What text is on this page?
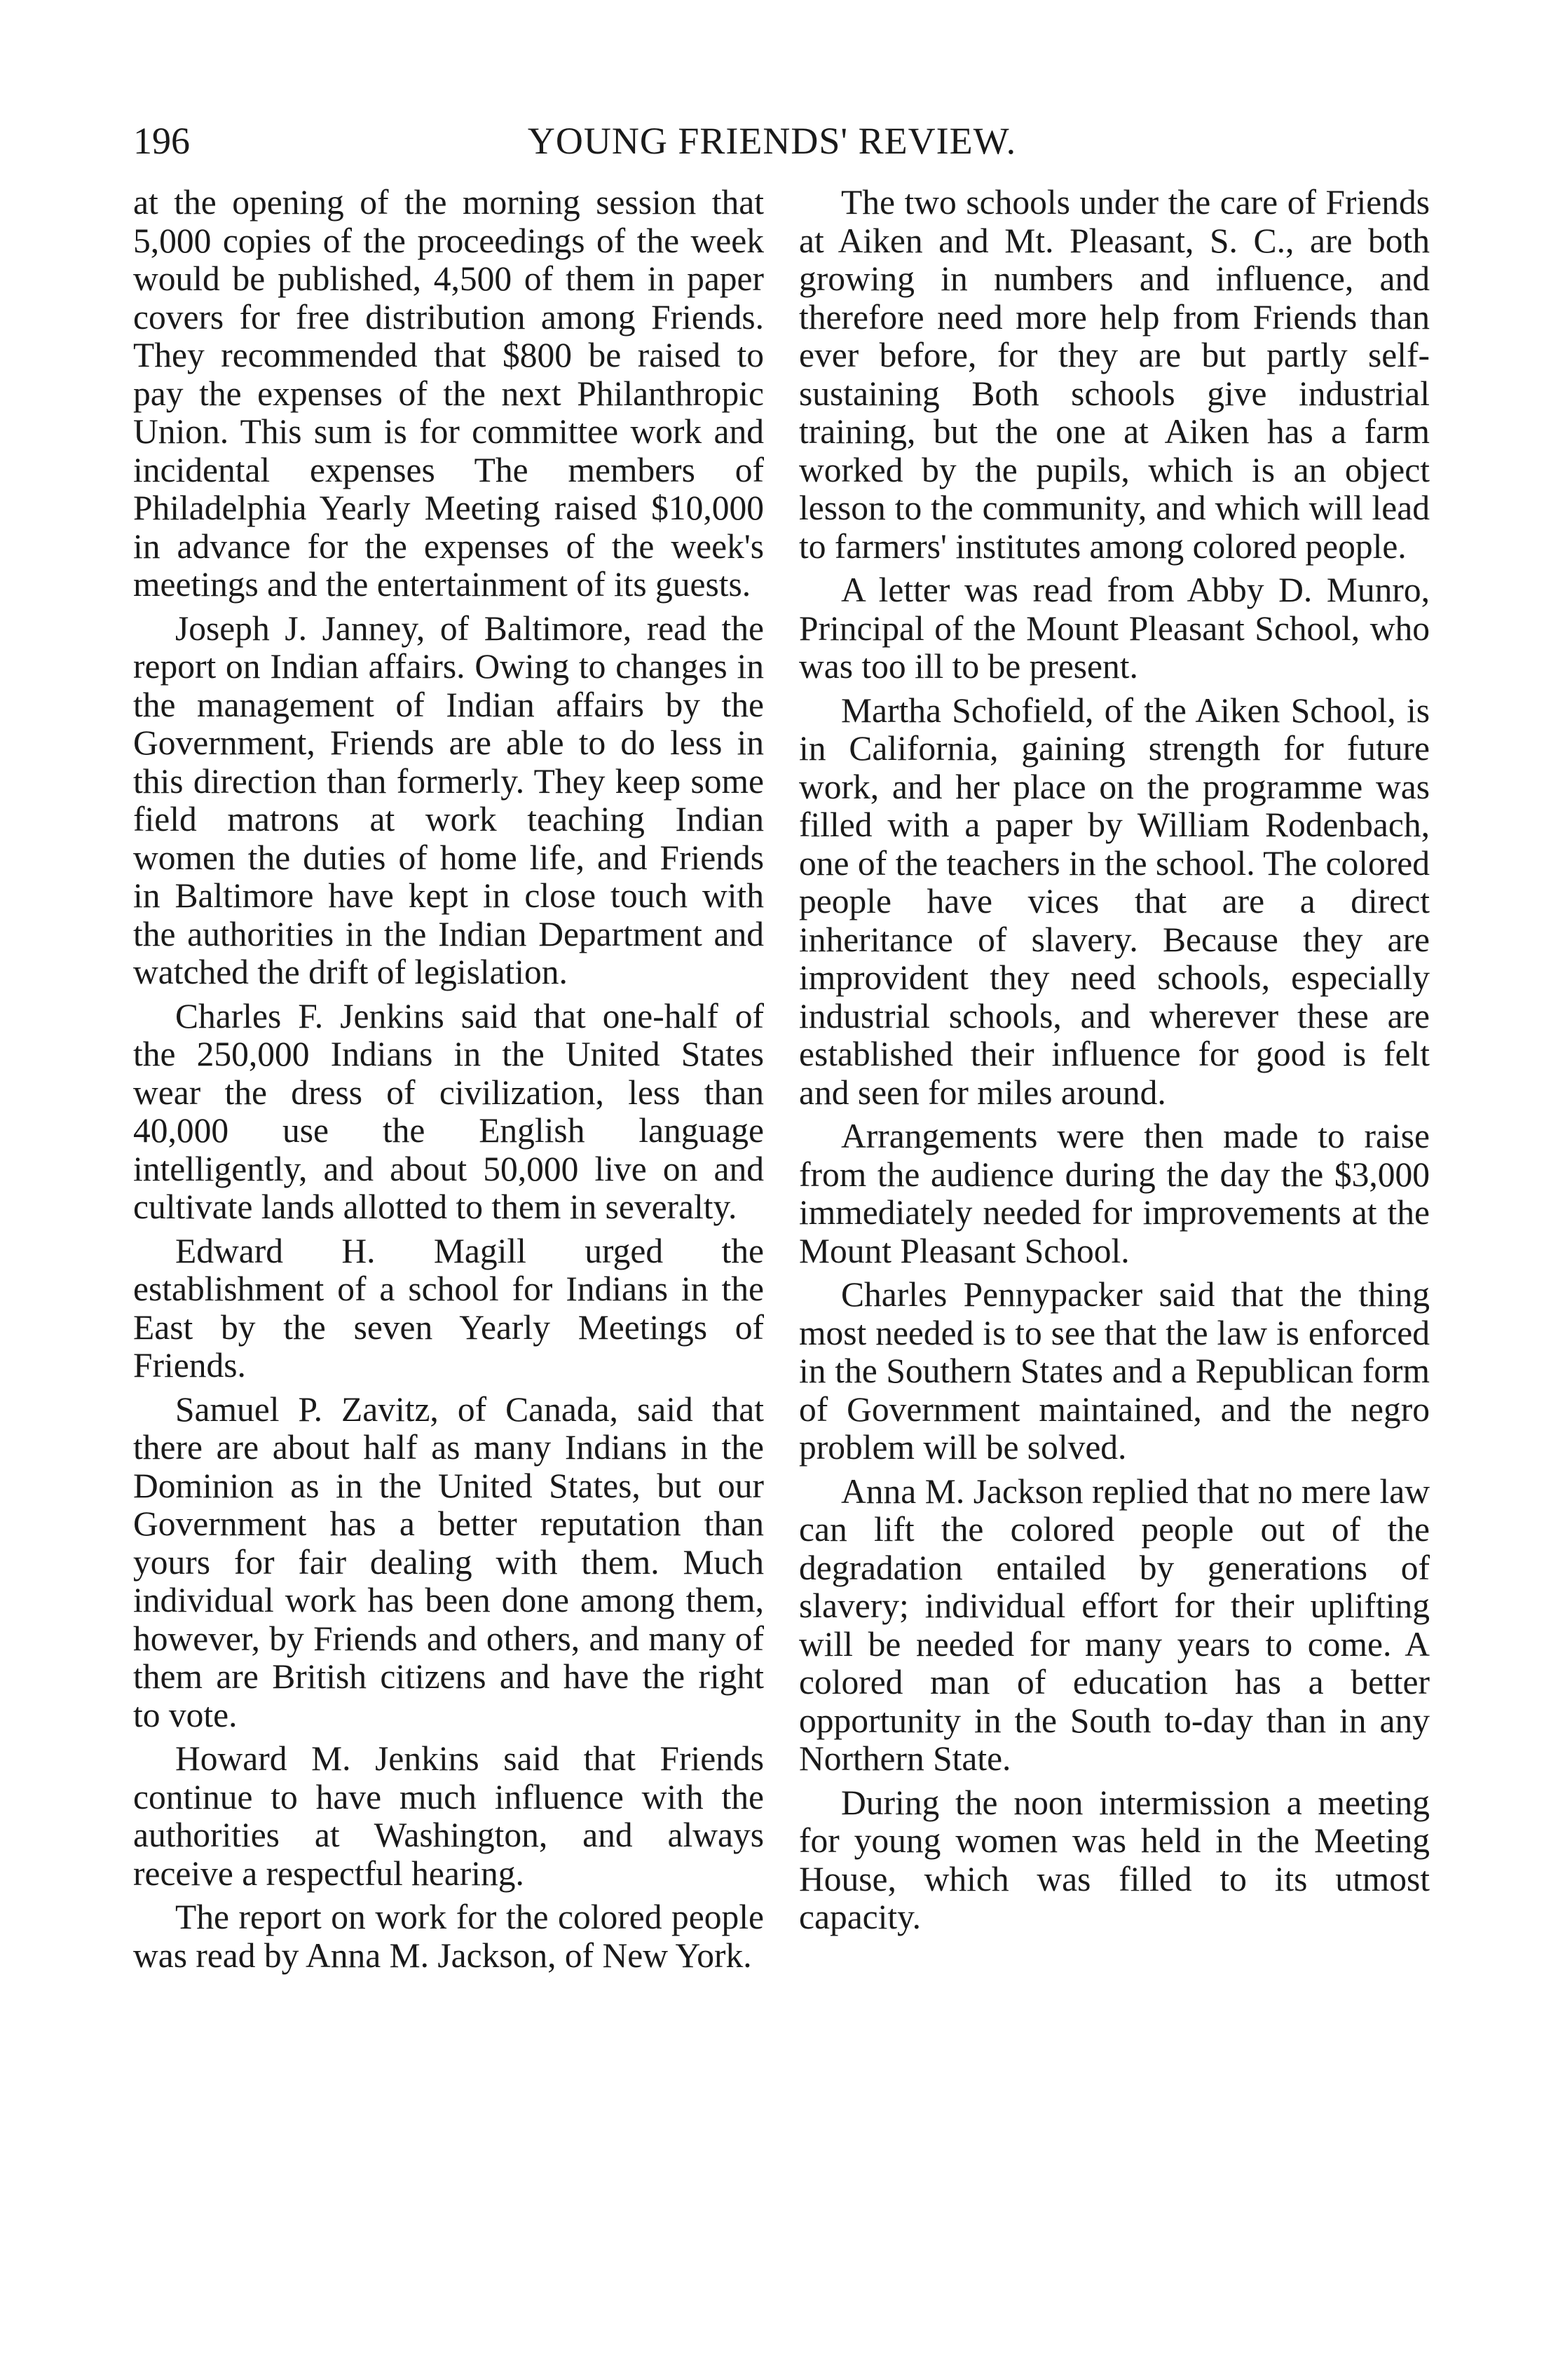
196	YOUNG FRIENDS' REVIEW.

at the opening of the morning session that 5,000 copies of the proceedings of the week would be published, 4,500 of them in paper covers for free distribution among Friends. They recommended that $800 be raised to pay the expenses of the next Philanthropic Union. This sum is for committee work and incidental expenses The members of Philadelphia Yearly Meeting raised $10,000 in advance for the expenses of the week's meetings and the entertainment of its guests.

Joseph J. Janney, of Baltimore, read the report on Indian affairs. Owing to changes in the management of Indian affairs by the Government, Friends are able to do less in this direction than formerly. They keep some field matrons at work teaching Indian women the duties of home life, and Friends in Baltimore have kept in close touch with the authorities in the Indian Department and watched the drift of legislation.

Charles F. Jenkins said that one-half of the 250,000 Indians in the United States wear the dress of civilization, less than 40,000 use the English language intelligently, and about 50,000 live on and cultivate lands allotted to them in severalty.

Edward H. Magill urged the establishment of a school for Indians in the East by the seven Yearly Meetings of Friends.

Samuel P. Zavitz, of Canada, said that there are about half as many Indians in the Dominion as in the United States, but our Government has a better reputation than yours for fair dealing with them. Much individual work has been done among them, however, by Friends and others, and many of them are British citizens and have the right to vote.

Howard M. Jenkins said that Friends continue to have much influence with the authorities at Washington, and always receive a respectful hearing.

The report on work for the colored people was read by Anna M. Jackson, of New York.

The two schools under the care of Friends at Aiken and Mt. Pleasant, S. C., are both growing in numbers and influence, and therefore need more help from Friends than ever before, for they are but partly self-sustaining Both schools give industrial training, but the one at Aiken has a farm worked by the pupils, which is an object lesson to the community, and which will lead to farmers' institutes among colored people.

A letter was read from Abby D. Munro, Principal of the Mount Pleasant School, who was too ill to be present.

Martha Schofield, of the Aiken School, is in California, gaining strength for future work, and her place on the programme was filled with a paper by William Rodenbach, one of the teachers in the school. The colored people have vices that are a direct inheritance of slavery. Because they are improvident they need schools, especially industrial schools, and wherever these are established their influence for good is felt and seen for miles around.

Arrangements were then made to raise from the audience during the day the $3,000 immediately needed for improvements at the Mount Pleasant School.

Charles Pennypacker said that the thing most needed is to see that the law is enforced in the Southern States and a Republican form of Government maintained, and the negro problem will be solved.

Anna M. Jackson replied that no mere law can lift the colored people out of the degradation entailed by generations of slavery; individual effort for their uplifting will be needed for many years to come. A colored man of education has a better opportunity in the South to-day than in any Northern State.

During the noon intermission a meeting for young women was held in the Meeting House, which was filled to its utmost capacity.
